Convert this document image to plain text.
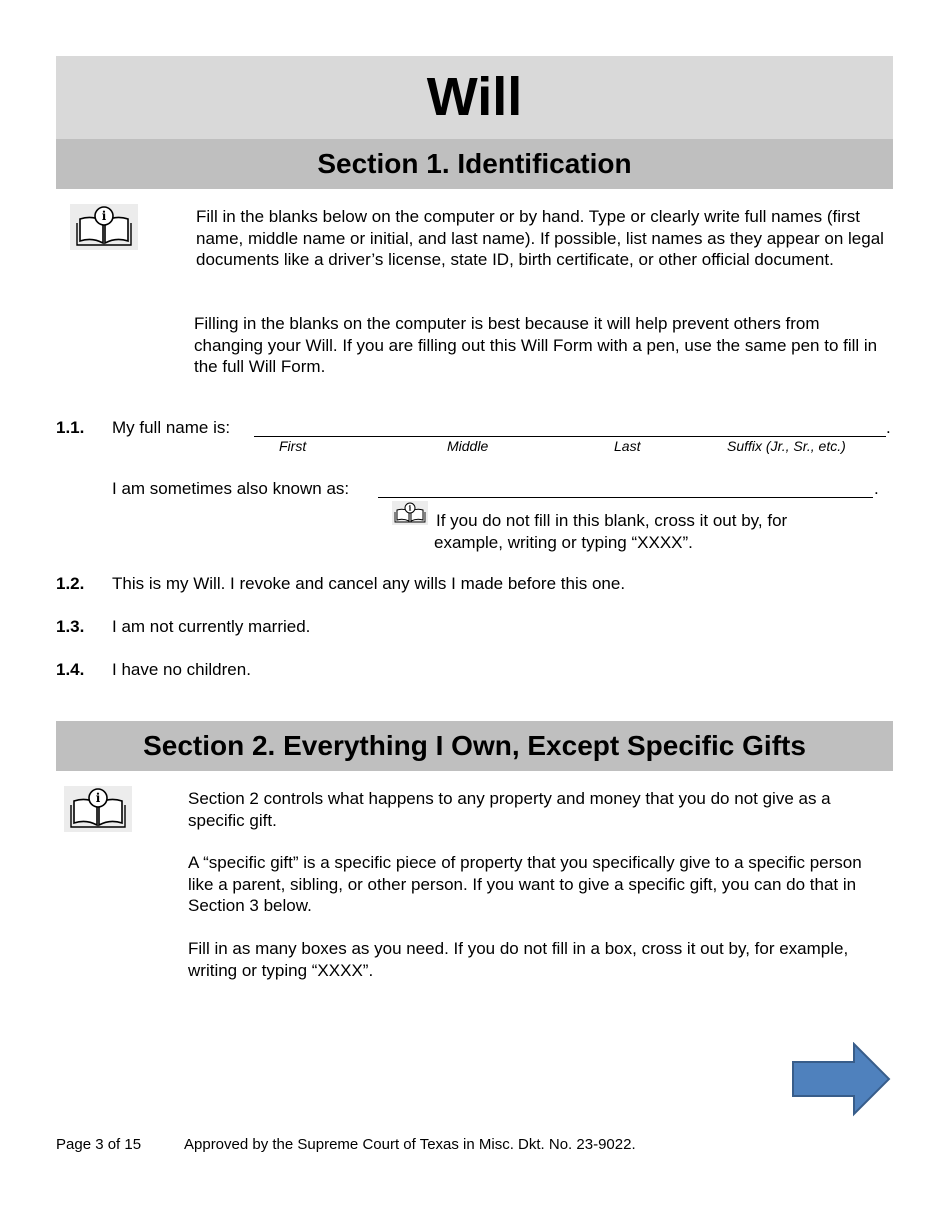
Will
Section 1. Identification
i	Fill in the blanks below on the computer or by hand. Type or clearly write full names (first name, middle name or initial, and last name). If possible, list names as they appear on legal documents like a driver’s license, state ID, birth certificate, or other official document.
Filling in the blanks on the computer is best because it will help prevent others from changing your Will. If you are filling out this Will Form with a pen, use the same pen to fill in the full Will Form.
1.1. My full name is:	.
First	Middle	Last	Suffix (Jr., Sr., etc.)
I am sometimes also known as:	.
i
If you do not fill in this blank, cross it out by, for example, writing or typing “XXXX”.
1.2. This is my Will. I revoke and cancel any wills I made before this one.
1.3. I am not currently married.
1.4. I have no children.
Section 2. Everything I Own, Except Specific Gifts
i	Section 2 controls what happens to any property and money that you do not give as a specific gift.
A “specific gift” is a specific piece of property that you specifically give to a specific person like a parent, sibling, or other person. If you want to give a specific gift, you can do that in Section 3 below.
Fill in as many boxes as you need. If you do not fill in a box, cross it out by, for example, writing or typing “XXXX”.
Page 3 of 15	Approved by the Supreme Court of Texas in Misc. Dkt. No. 23-9022.
